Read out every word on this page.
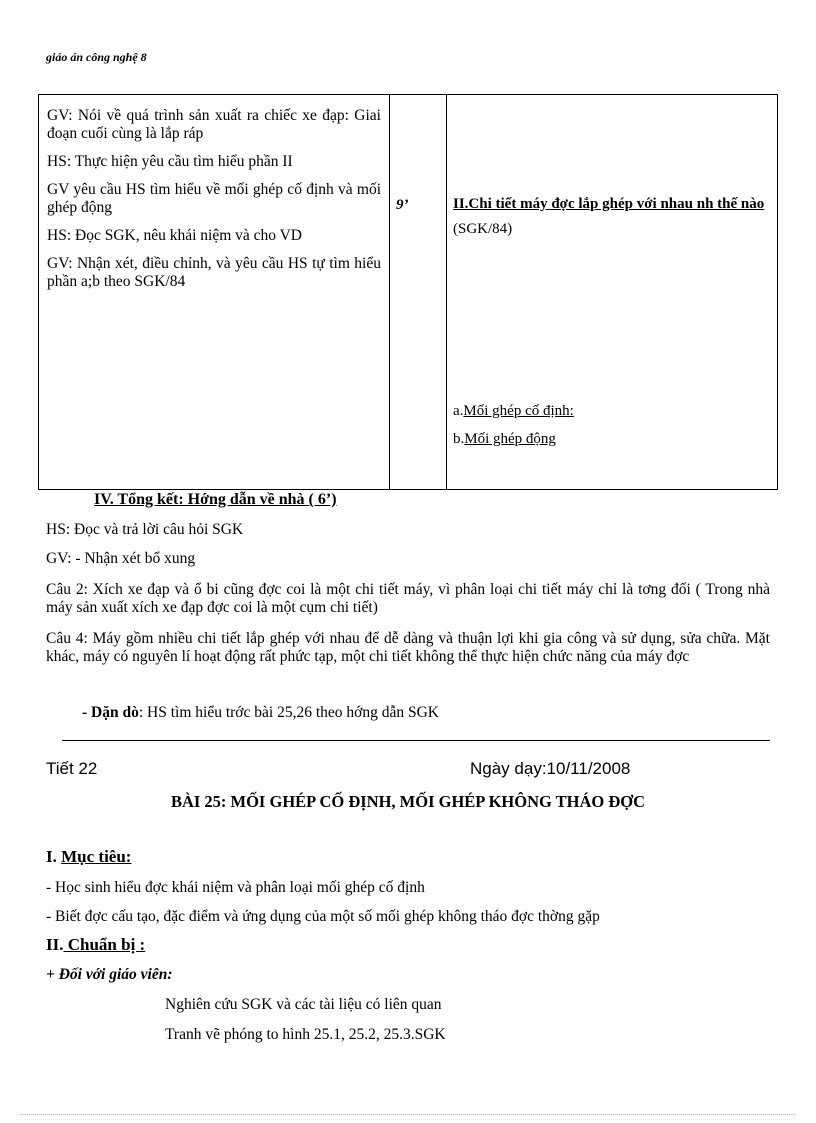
giáo án công nghệ 8

GV: Nói về quá trình sản xuất ra chiếc xe đạp: Giai đoạn cuối cùng là lắp ráp

HS: Thực hiện yêu cầu tìm hiểu phần II

GV yêu cầu HS tìm hiểu về mối ghép cố định và mối ghép động

HS: Đọc SGK, nêu khái niệm và cho VD

GV: Nhận xét, điều chỉnh, và yêu cầu HS tự tìm hiểu phần a;b theo SGK/84

	9’	II.Chi tiết máy đợc lắp ghép với nhau nh thế nào
(SGK/84)
a.Mối ghép cố định:
b.Mối ghép động
IV. Tổng kết: Hớng dẫn về nhà ( 6’)
HS: Đọc và trả lời câu hỏi SGK
GV: - Nhận xét bổ xung
Câu 2: Xích xe đạp và ổ bi cũng đợc coi là một chi tiết máy, vì phân loại chi tiết máy chỉ là tơng đối ( Trong nhà máy sản xuất xích xe đạp đợc coi là một cụm chi tiết)
Câu 4: Máy gồm nhiều chi tiết lắp ghép với nhau để dễ dàng và thuận lợi khi gia công và sử dụng, sửa chữa. Mặt khác, máy có nguyên lí hoạt động rất phức tạp, một chi tiết không thể thực hiện chức năng của máy đợc
- Dặn dò: HS tìm hiểu trớc bài 25,26 theo hớng dẫn SGK
Tiết 22	Ngày dạy:10/11/2008
BÀI 25: MỐI GHÉP CỐ ĐỊNH, MỐI GHÉP KHÔNG THÁO ĐỢC
I. Mục tiêu:
- Học sinh hiểu đợc khái niệm và phân loại mối ghép cố định
- Biết đợc cấu tạo, đặc điểm và ứng dụng của một số mối ghép không tháo đợc thờng gặp
II. Chuẩn bị :
+ Đối với giáo viên:
Nghiên cứu SGK và các tài liệu có liên quan
Tranh vẽ phóng to hình 25.1, 25.2, 25.3.SGK
